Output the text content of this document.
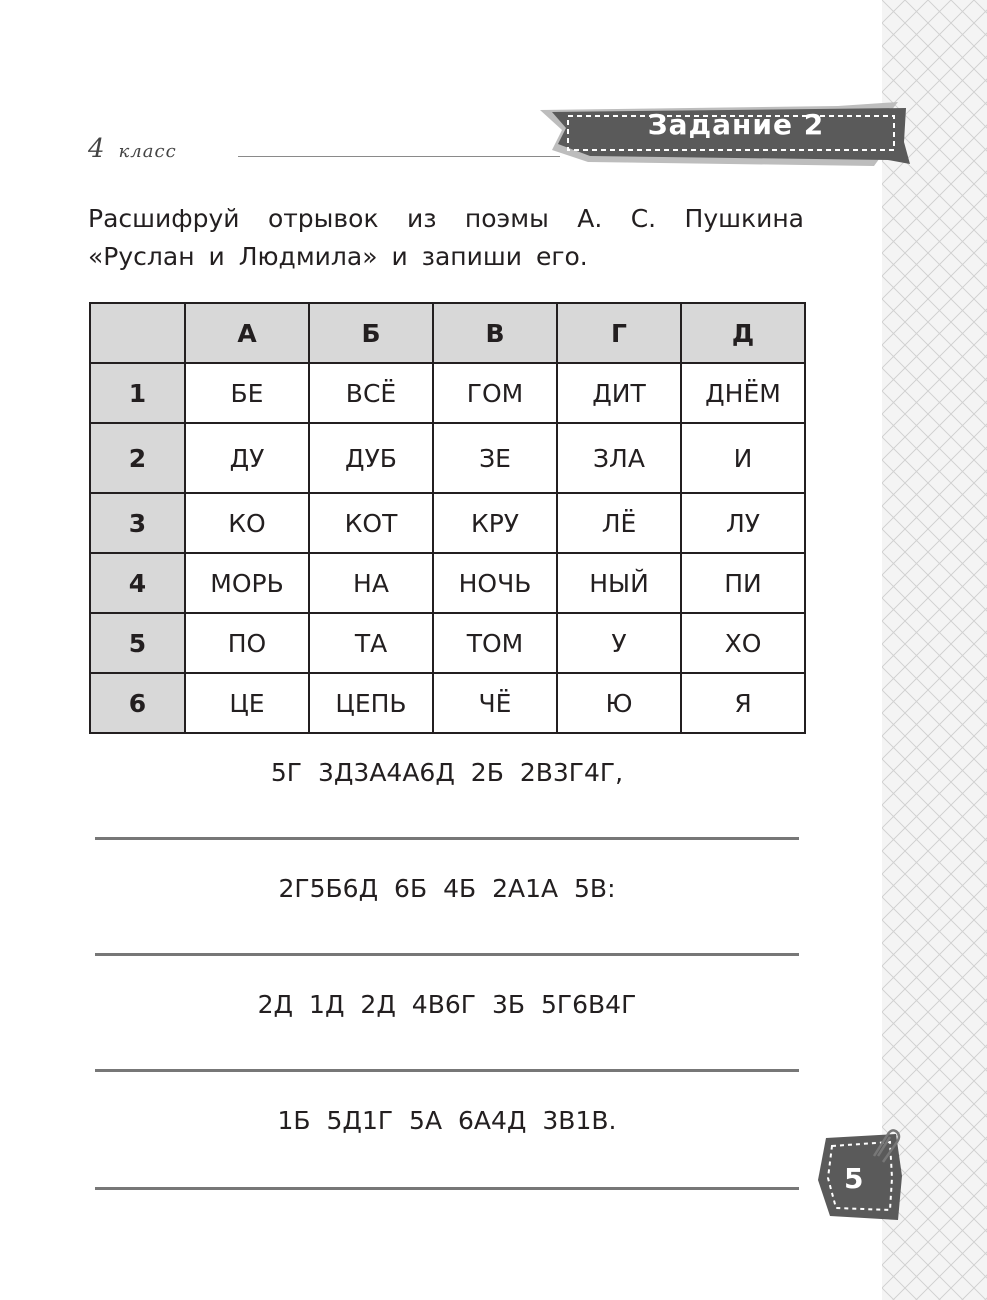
4 класс
Задание 2

Расшифруй отрывок из поэмы А. С. Пушкина
«Руслан и Людмила» и запиши его.

	А	Б	В	Г	Д
1	БЕ	ВСЁ	ГОМ	ДИТ	ДНЁМ
2	ДУ	ДУБ	ЗЕ	ЗЛА	И
3	КО	КОТ	КРУ	ЛЁ	ЛУ
4	МОРЬ	НА	НОЧЬ	НЫЙ	ПИ
5	ПО	ТА	ТОМ	У	ХО
6	ЦЕ	ЦЕПЬ	ЧЁ	Ю	Я
5Г 3Д3А4А6Д 2Б 2В3Г4Г,
2Г5Б6Д 6Б 4Б 2А1А 5В:
2Д 1Д 2Д 4В6Г 3Б 5Г6В4Г
1Б 5Д1Г 5А 6А4Д 3В1В.
5
